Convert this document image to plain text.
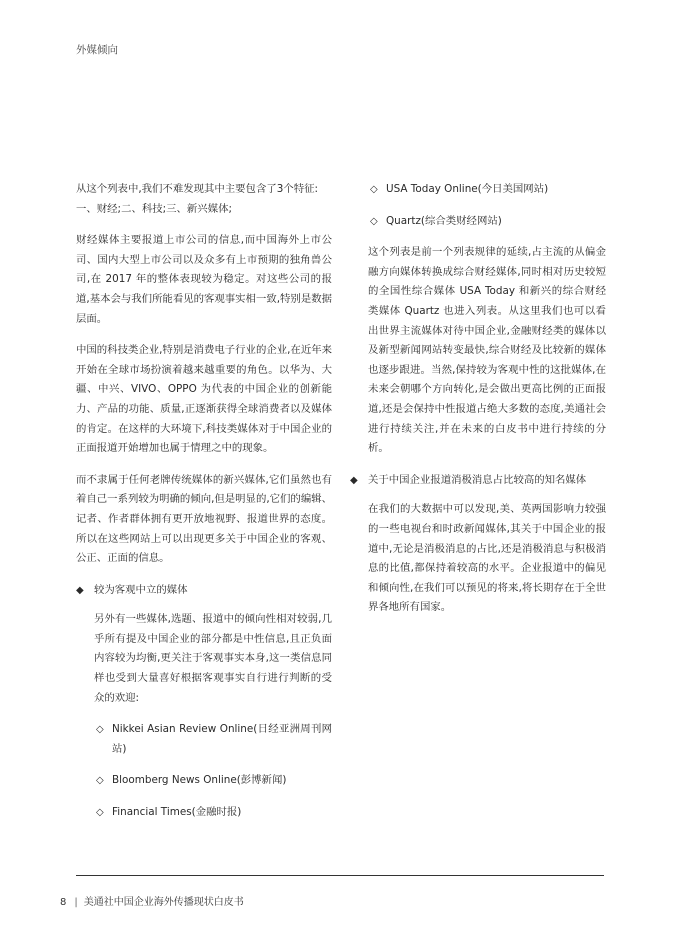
外媒倾向
从这个列表中,我们不难发现其中主要包含了3个特征:
一、财经;二、科技;三、新兴媒体;
财经媒体主要报道上市公司的信息,而中国海外上市公司、国内大型上市公司以及众多有上市预期的独角兽公司,在 2017 年的整体表现较为稳定。对这些公司的报道,基本会与我们所能看见的客观事实相一致,特别是数据层面。
中国的科技类企业,特别是消费电子行业的企业,在近年来开始在全球市场扮演着越来越重要的角色。以华为、大疆、中兴、VIVO、OPPO 为代表的中国企业的创新能力、产品的功能、质量,正逐渐获得全球消费者以及媒体的肯定。在这样的大环境下,科技类媒体对于中国企业的正面报道开始增加也属于情理之中的现象。
而不隶属于任何老牌传统媒体的新兴媒体,它们虽然也有着自己一系列较为明确的倾向,但是明显的,它们的编辑、记者、作者群体拥有更开放地视野、报道世界的态度。所以在这些网站上可以出现更多关于中国企业的客观、公正、正面的信息。
◆ 较为客观中立的媒体
另外有一些媒体,选题、报道中的倾向性相对较弱,几乎所有提及中国企业的部分都是中性信息,且正负面内容较为均衡,更关注于客观事实本身,这一类信息同样也受到大量喜好根据客观事实自行进行判断的受众的欢迎:
◇ Nikkei Asian Review Online(日经亚洲周刊网站)
◇ Bloomberg News Online(彭博新闻)
◇ Financial Times(金融时报)
◇ USA Today Online(今日美国网站)
◇ Quartz(综合类财经网站)
这个列表是前一个列表规律的延续,占主流的从偏金融方向媒体转换成综合财经媒体,同时相对历史较短的全国性综合媒体 USA Today 和新兴的综合财经类媒体 Quartz 也进入列表。从这里我们也可以看出世界主流媒体对待中国企业,金融财经类的媒体以及新型新闻网站转变最快,综合财经及比较新的媒体也逐步跟进。当然,保持较为客观中性的这批媒体,在未来会朝哪个方向转化,是会做出更高比例的正面报道,还是会保持中性报道占绝大多数的态度,美通社会进行持续关注,并在未来的白皮书中进行持续的分析。
◆ 关于中国企业报道消极消息占比较高的知名媒体
在我们的大数据中可以发现,美、英两国影响力较强的一些电视台和时政新闻媒体,其关于中国企业的报道中,无论是消极消息的占比,还是消极消息与积极消息的比值,都保持着较高的水平。企业报道中的偏见和倾向性,在我们可以预见的将来,将长期存在于全世界各地所有国家。
8 | 美通社中国企业海外传播现状白皮书
